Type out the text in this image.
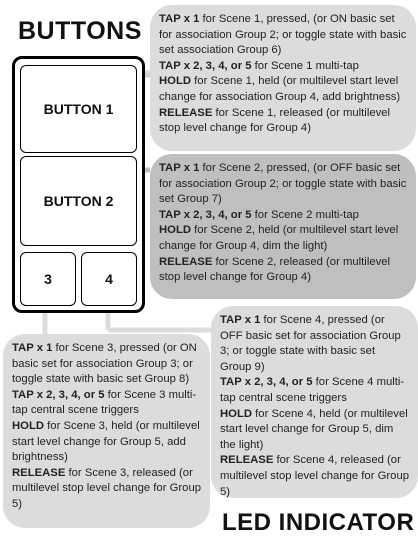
BUTTONS
BUTTON 1
BUTTON 2
3	4

TAP x 1 for Scene 1, pressed, (or ON basic set for association Group 2; or toggle state with basic set association Group 6)

TAP x 2, 3, 4, or 5 for Scene 1 multi-tap

HOLD for Scene 1, held (or multilevel start level change for association Group 4, add brightness)

RELEASE for Scene 1, released (or multilevel stop level change for Group 4)

TAP x 1 for Scene 2, pressed, (or OFF basic set for association Group 2; or toggle state with basic set Group 7)

TAP x 2, 3, 4, or 5 for Scene 2 multi-tap

HOLD for Scene 2, held (or multilevel start level change for Group 4, dim the light)

RELEASE for Scene 2, released (or multilevel stop level change for Group 4)

TAP x 1 for Scene 4, pressed (or OFF basic set for association Group 3; or toggle state with basic set Group 9)

TAP x 2, 3, 4, or 5 for Scene 4 multi-tap central scene triggers

HOLD for Scene 4, held (or multilevel start level change for Group 5, dim the light)

RELEASE for Scene 4, released (or multilevel stop level change for Group 5)

TAP x 1 for Scene 3, pressed (or ON basic set for association Group 3; or toggle state with basic set Group 8)

TAP x 2, 3, 4, or 5 for Scene 3 multi-tap central scene triggers

HOLD for Scene 3, held (or multilevel start level change for Group 5, add brightness)

RELEASE for Scene 3, released (or multilevel stop level change for Group 5)

LED INDICATOR
